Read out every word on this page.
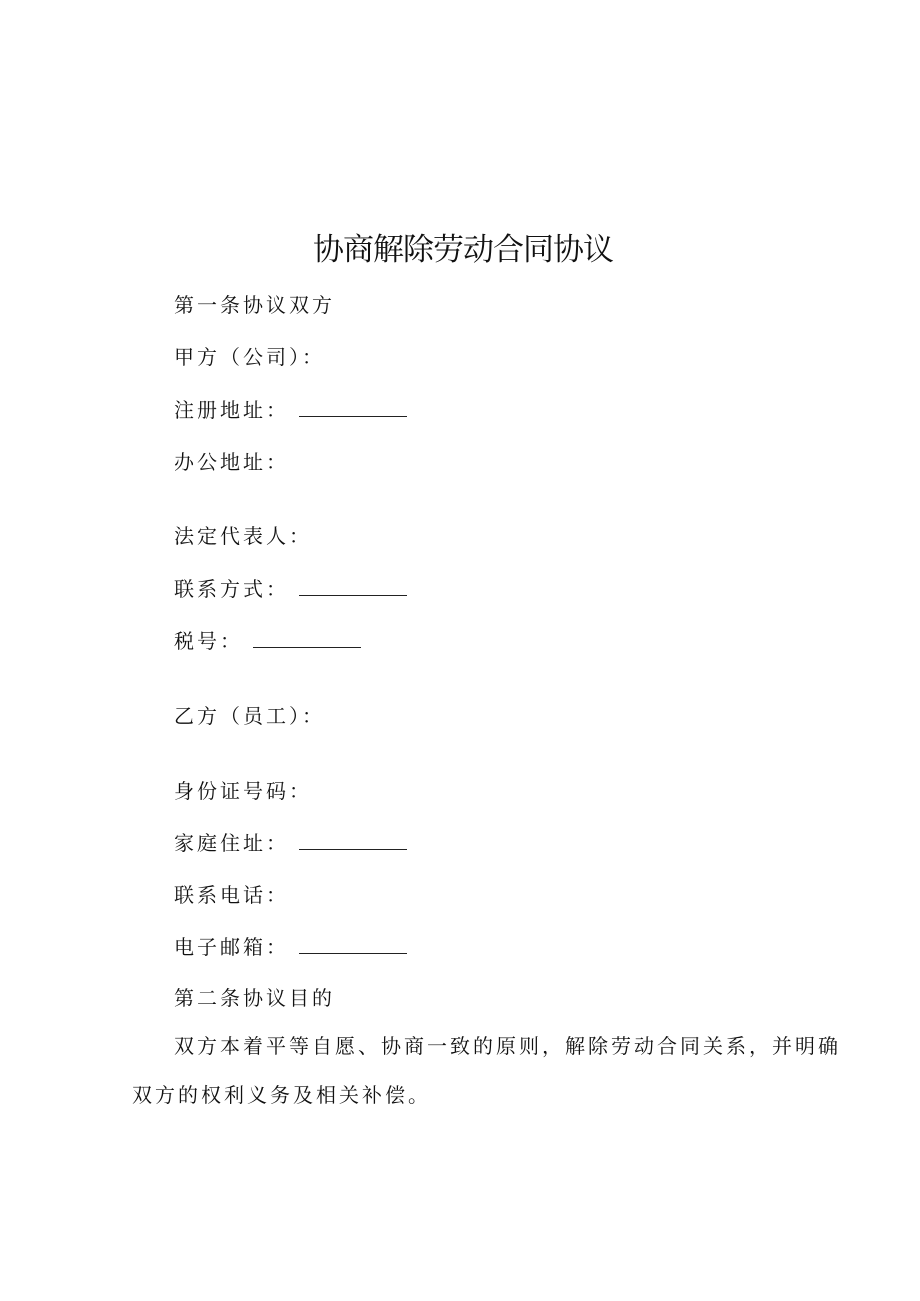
协商解除劳动合同协议
第一条协议双方
甲方（公司）：
注册地址：
办公地址：
法定代表人：
联系方式：
税号：
乙方（员工）：
身份证号码：
家庭住址：
联系电话：
电子邮箱：
第二条协议目的
双方本着平等自愿、协商一致的原则，解除劳动合同关系，并明确
双方的权利义务及相关补偿。
